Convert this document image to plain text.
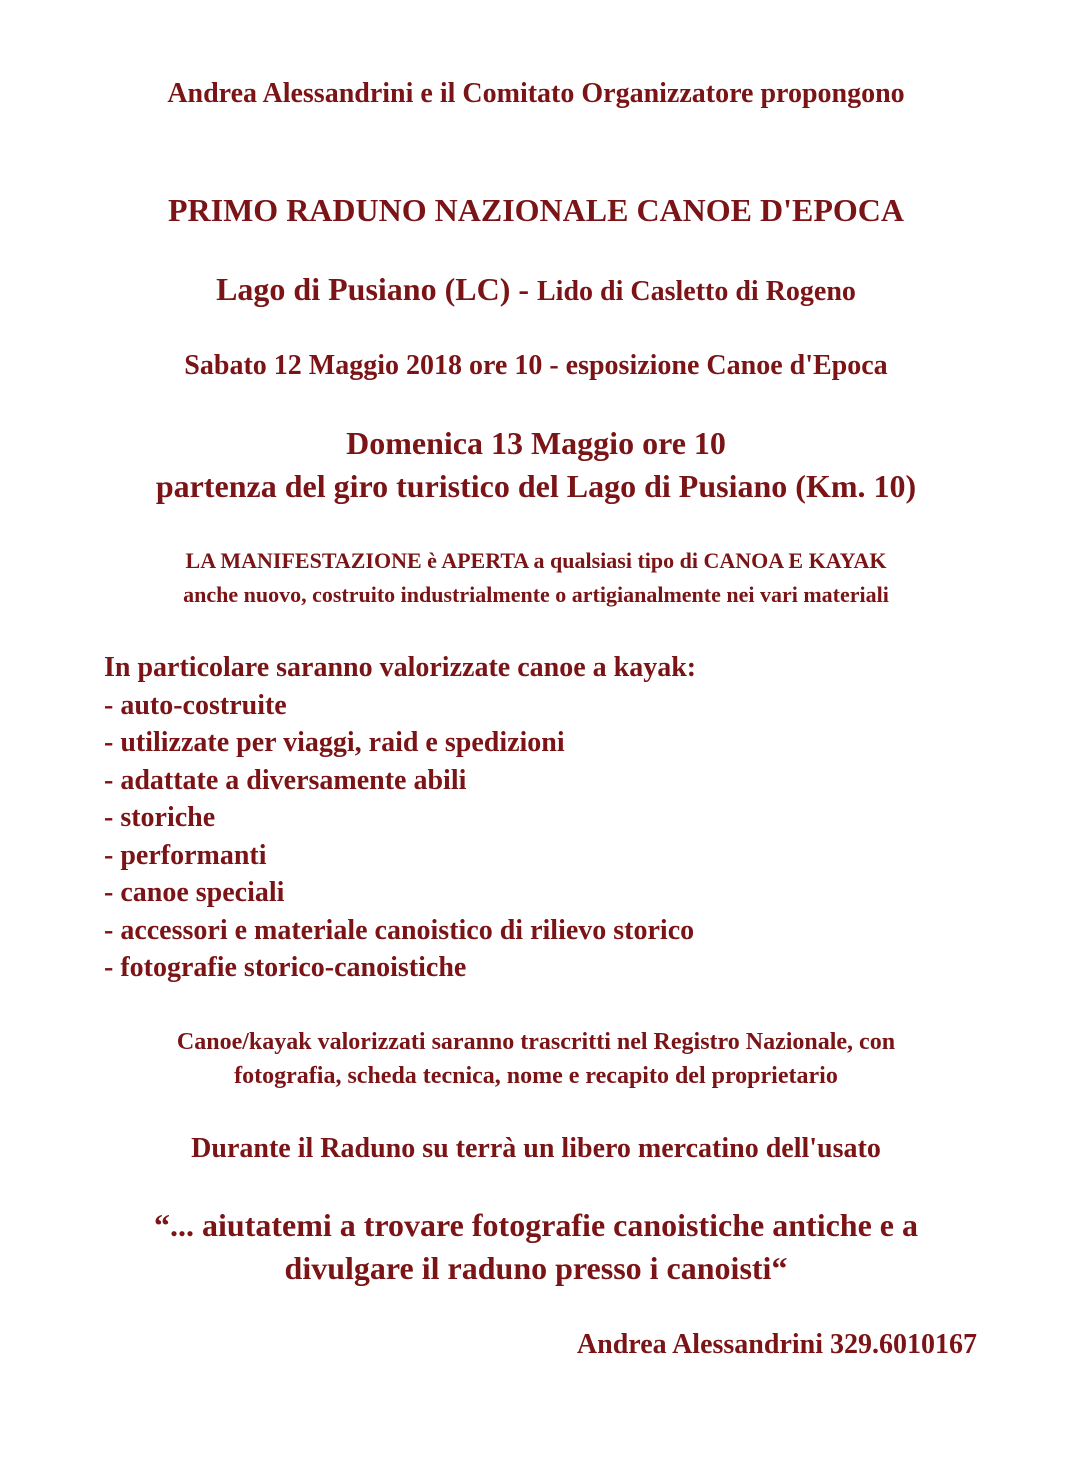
Andrea Alessandrini e il Comitato Organizzatore propongono

PRIMO RADUNO NAZIONALE CANOE D'EPOCA

Lago di Pusiano (LC) - Lido di Casletto di Rogeno

Sabato 12 Maggio 2018 ore 10 - esposizione Canoe d'Epoca

Domenica 13 Maggio ore 10

partenza del giro turistico del Lago di Pusiano (Km. 10)

LA MANIFESTAZIONE è APERTA a qualsiasi tipo di CANOA E KAYAK

anche nuovo, costruito industrialmente o artigianalmente nei vari materiali

In particolare saranno valorizzate canoe a kayak:

- auto-costruite

- utilizzate per viaggi, raid e spedizioni

- adattate a diversamente abili

- storiche

- performanti

- canoe speciali

- accessori e materiale canoistico di rilievo storico

- fotografie storico-canoistiche

Canoe/kayak valorizzati saranno trascritti nel Registro Nazionale, con

fotografia, scheda tecnica, nome e recapito del proprietario

Durante il Raduno su terrà un libero mercatino dell'usato

“... aiutatemi a trovare fotografie canoistiche antiche e a

divulgare il raduno presso i canoisti“

Andrea Alessandrini 329.6010167
